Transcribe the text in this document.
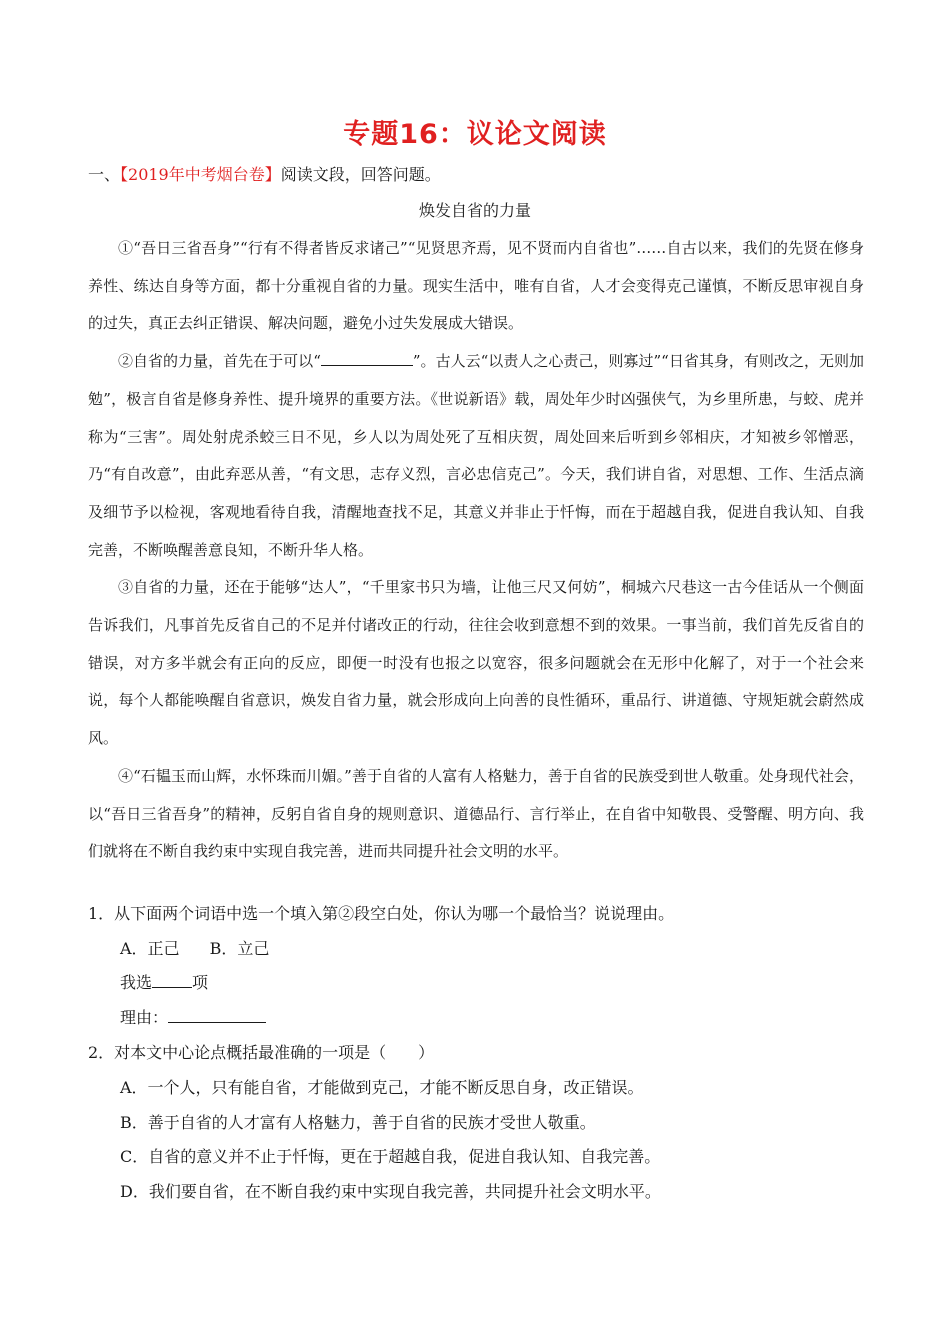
专题16：议论文阅读
一、【2019年中考烟台卷】阅读文段，回答问题。
焕发自省的力量

①“吾日三省吾身”“行有不得者皆反求诸己”“见贤思齐焉，见不贤而内自省也”……自古以来，我们的先贤在修身养性、练达自身等方面，都十分重视自省的力量。现实生活中，唯有自省，人才会变得克己谨慎，不断反思审视自身的过失，真正去纠正错误、解决问题，避免小过失发展成大错误。

②自省的力量，首先在于可以“	”。古人云“以责人之心责己，则寡过”“日省其身，有则改之，无则加勉”，极言自省是修身养性、提升境界的重要方法。《世说新语》载，周处年少时凶强侠气，为乡里所患，与蛟、虎并称为“三害”。周处射虎杀蛟三日不见，乡人以为周处死了互相庆贺，周处回来后听到乡邻相庆，才知被乡邻憎恶，乃“有自改意”，由此弃恶从善，“有文思，志存义烈，言必忠信克己”。今天，我们讲自省，对思想、工作、生活点滴及细节予以检视，客观地看待自我，清醒地查找不足，其意义并非止于忏悔，而在于超越自我，促进自我认知、自我完善，不断唤醒善意良知，不断升华人格。

③自省的力量，还在于能够“达人”，“千里家书只为墙，让他三尺又何妨”，桐城六尺巷这一古今佳话从一个侧面告诉我们，凡事首先反省自己的不足并付诸改正的行动，往往会收到意想不到的效果。一事当前，我们首先反省自的错误，对方多半就会有正向的反应，即便一时没有也报之以宽容，很多问题就会在无形中化解了，对于一个社会来说，每个人都能唤醒自省意识，焕发自省力量，就会形成向上向善的良性循环，重品行、讲道德、守规矩就会蔚然成风。

④“石韫玉而山辉，水怀珠而川媚。”善于自省的人富有人格魅力，善于自省的民族受到世人敬重。处身现代社会，以“吾日三省吾身”的精神，反躬自省自身的规则意识、道德品行、言行举止，在自省中知敬畏、受警醒、明方向、我们就将在不断自我约束中实现自我完善，进而共同提升社会文明的水平。

1．从下面两个词语中选一个填入第②段空白处，你认为哪一个最恰当？说说理由。
A．正己 B．立己
我选	项
理由：
2．对本文中心论点概括最准确的一项是（　　）
A．一个人，只有能自省，才能做到克己，才能不断反思自身，改正错误。
B．善于自省的人才富有人格魅力，善于自省的民族才受世人敬重。
C．自省的意义并不止于忏悔，更在于超越自我，促进自我认知、自我完善。
D．我们要自省，在不断自我约束中实现自我完善，共同提升社会文明水平。
